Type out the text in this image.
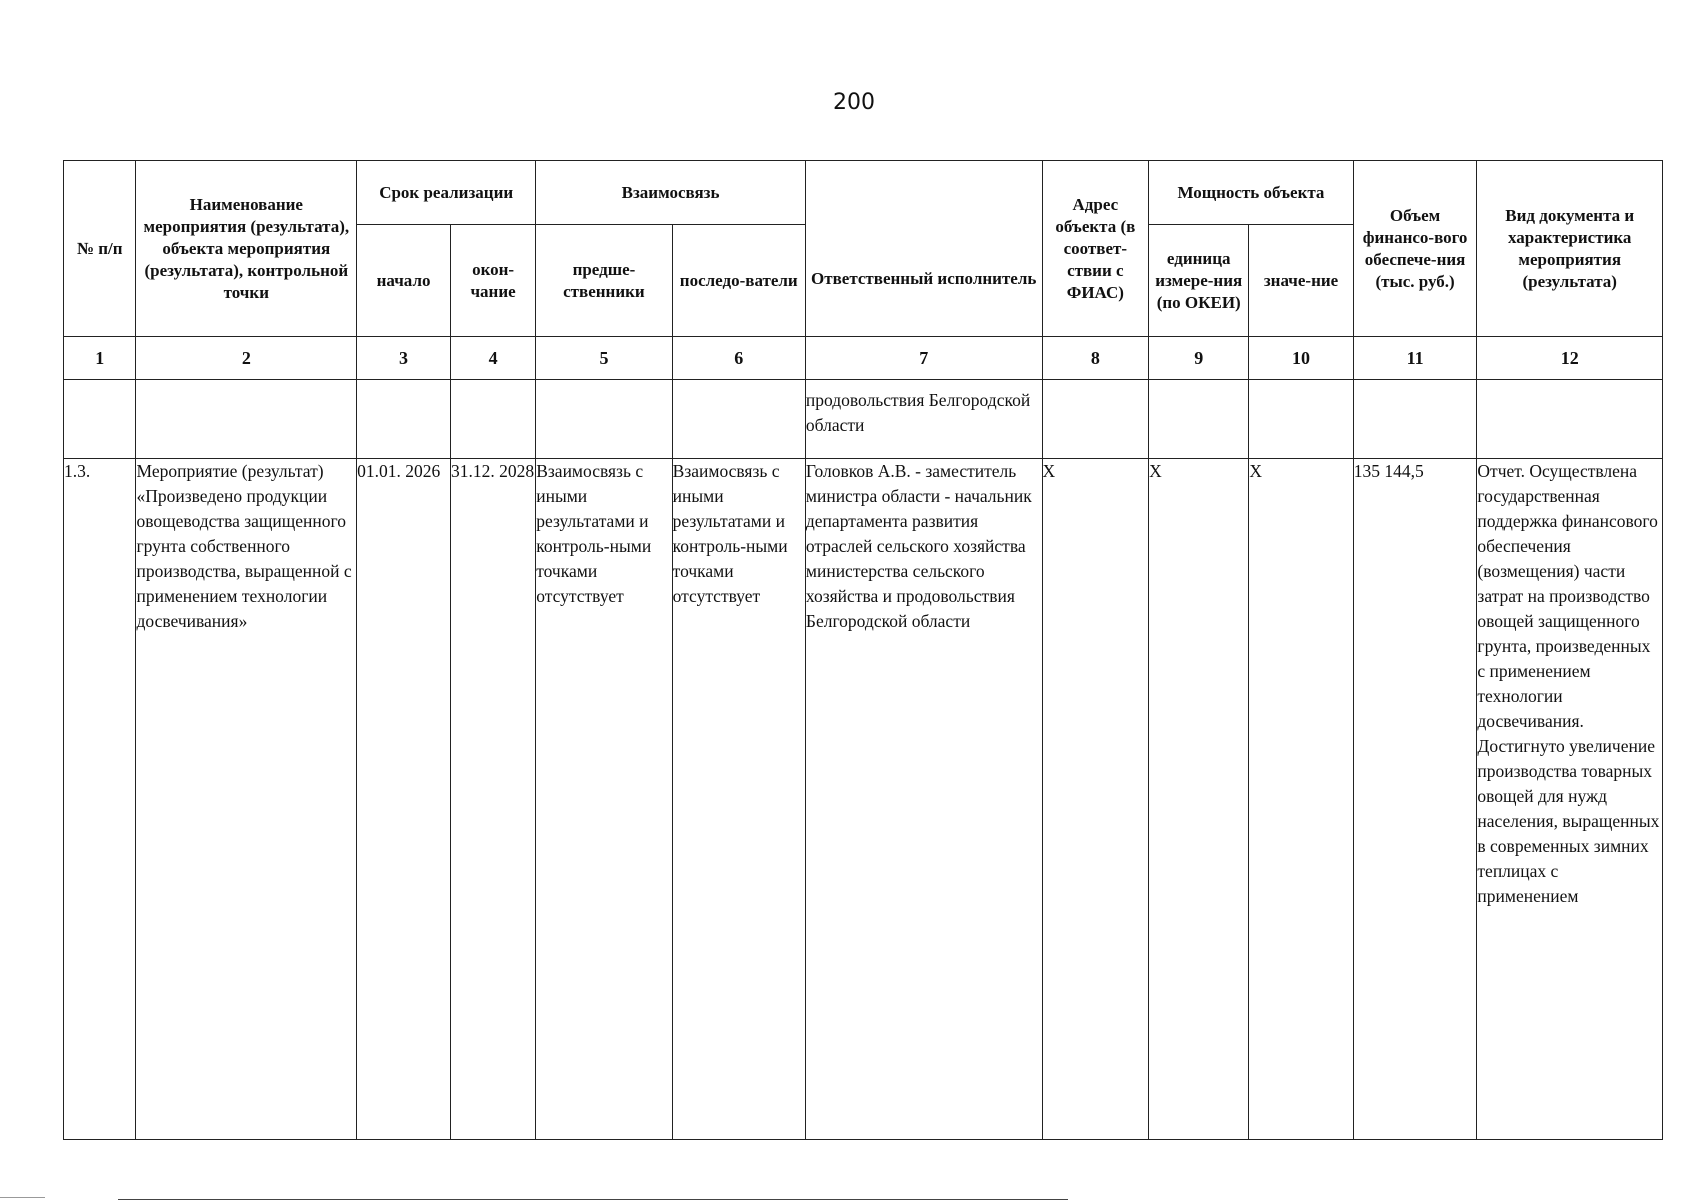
200
№ п/п	Наименование мероприятия (результата), объекта мероприятия (результата), контрольной точки	Срок реализации		Взаимосвязь		Ответственный исполнитель	Адрес объекта (в соответ-ствии с ФИАС)	Мощность объекта		Объем финансо-вого обеспече-ния (тыс. руб.)	Вид документа и характеристика мероприятия (результата)
		начало	окон-чание	предше-ственники	последо-ватели			единица измере-ния (по ОКЕИ)	значе-ние		
1	2	3	4	5	6	7	8	9	10	11	12
						продовольствия Белгородской области					
1.3.	Мероприятие (результат) «Произведено продукции овощеводства защищенного грунта собственного производства, выращенной с применением технологии досвечивания»	01.01. 2026	31.12. 2028	Взаимосвязь с иными результатами и контроль-ными точками отсутствует	Взаимосвязь с иными результатами и контроль-ными точками отсутствует	Головков А.В. - заместитель министра области - начальник департамента развития отраслей сельского хозяйства министерства сельского хозяйства и продовольствия Белгородской области	X	X	X	135 144,5	Отчет. Осуществлена государственная поддержка финансового обеспечения (возмещения) части затрат на производство овощей защищенного грунта, произведенных с применением технологии досвечивания. Достигнуто увеличение производства товарных овощей для нужд населения, выращенных в современных зимних теплицах с применением
